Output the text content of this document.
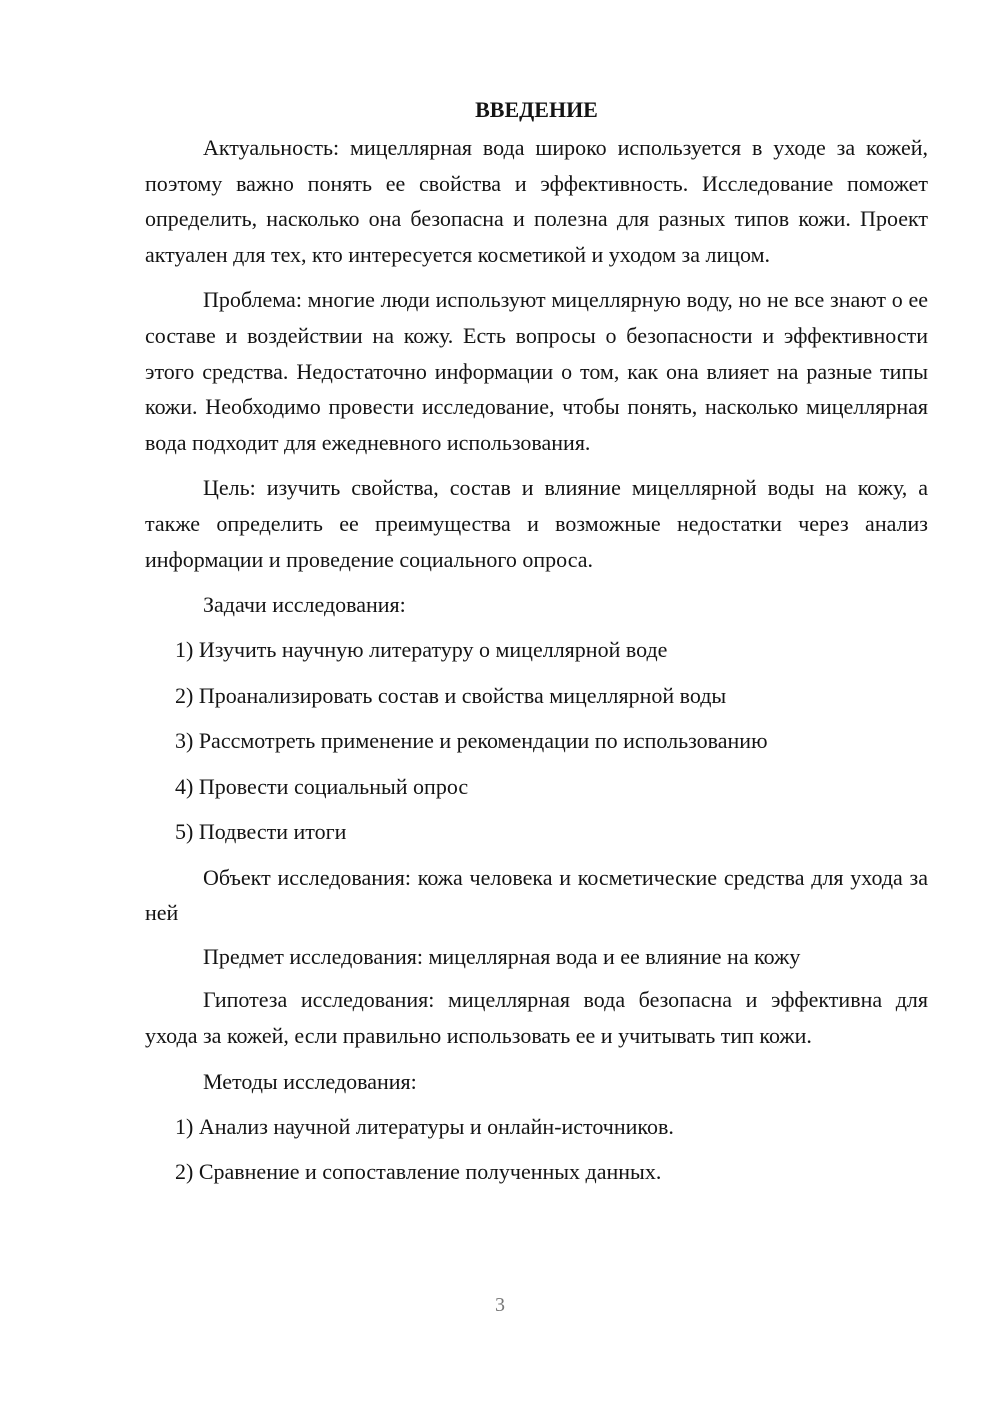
ВВЕДЕНИЕ

Актуальность: мицеллярная вода широко используется в уходе за кожей, поэтому важно понять ее свойства и эффективность. Исследование поможет определить, насколько она безопасна и полезна для разных типов кожи. Проект актуален для тех, кто интересуется косметикой и уходом за лицом.

Проблема: многие люди используют мицеллярную воду, но не все знают о ее составе и воздействии на кожу. Есть вопросы о безопасности и эффективности этого средства. Недостаточно информации о том, как она влияет на разные типы кожи. Необходимо провести исследование, чтобы понять, насколько мицеллярная вода подходит для ежедневного использования.

Цель: изучить свойства, состав и влияние мицеллярной воды на кожу, а также определить ее преимущества и возможные недостатки через анализ информации и проведение социального опроса.

Задачи исследования:
1) Изучить научную литературу о мицеллярной воде
2) Проанализировать состав и свойства мицеллярной воды
3) Рассмотреть применение и рекомендации по использованию
4) Провести социальный опрос
5) Подвести итоги

Объект исследования: кожа человека и косметические средства для ухода за ней

Предмет исследования: мицеллярная вода и ее влияние на кожу

Гипотеза исследования: мицеллярная вода безопасна и эффективна для ухода за кожей, если правильно использовать ее и учитывать тип кожи.

Методы исследования:
1) Анализ научной литературы и онлайн-источников.
2) Сравнение и сопоставление полученных данных.
3
